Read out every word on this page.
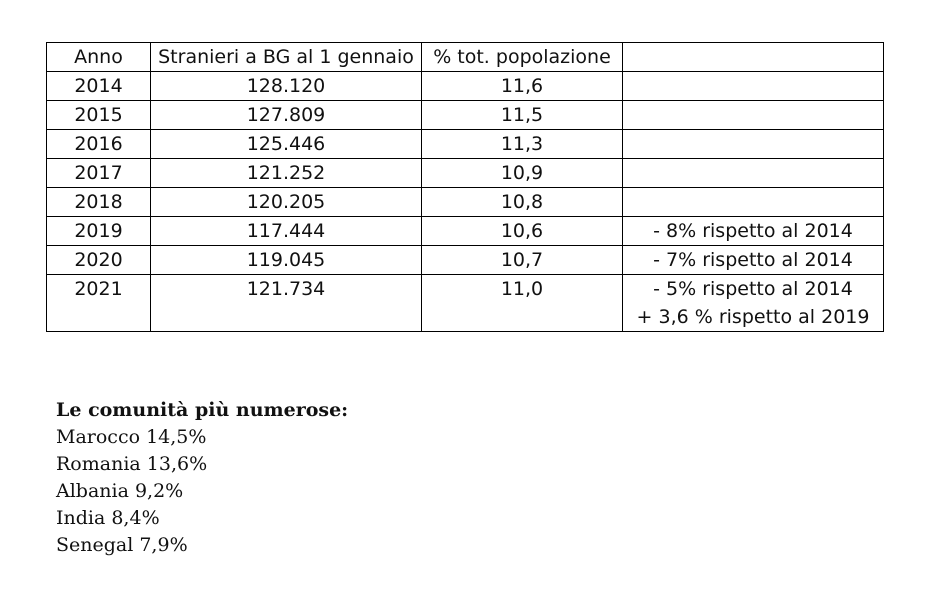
Anno	Stranieri a BG al 1 gennaio	% tot. popolazione	
2014	128.120	11,6	
2015	127.809	11,5	
2016	125.446	11,3	
2017	121.252	10,9	
2018	120.205	10,8	
2019	117.444	10,6	- 8% rispetto al 2014

2020	119.045	10,7	- 7% rispetto al 2014

2021	121.734	11,0	- 5% rispetto al 2014
+ 3,6 % rispetto al 2019
Le comunità più numerose:
Marocco 14,5%
Romania 13,6%
Albania 9,2%
India 8,4%
Senegal 7,9%
